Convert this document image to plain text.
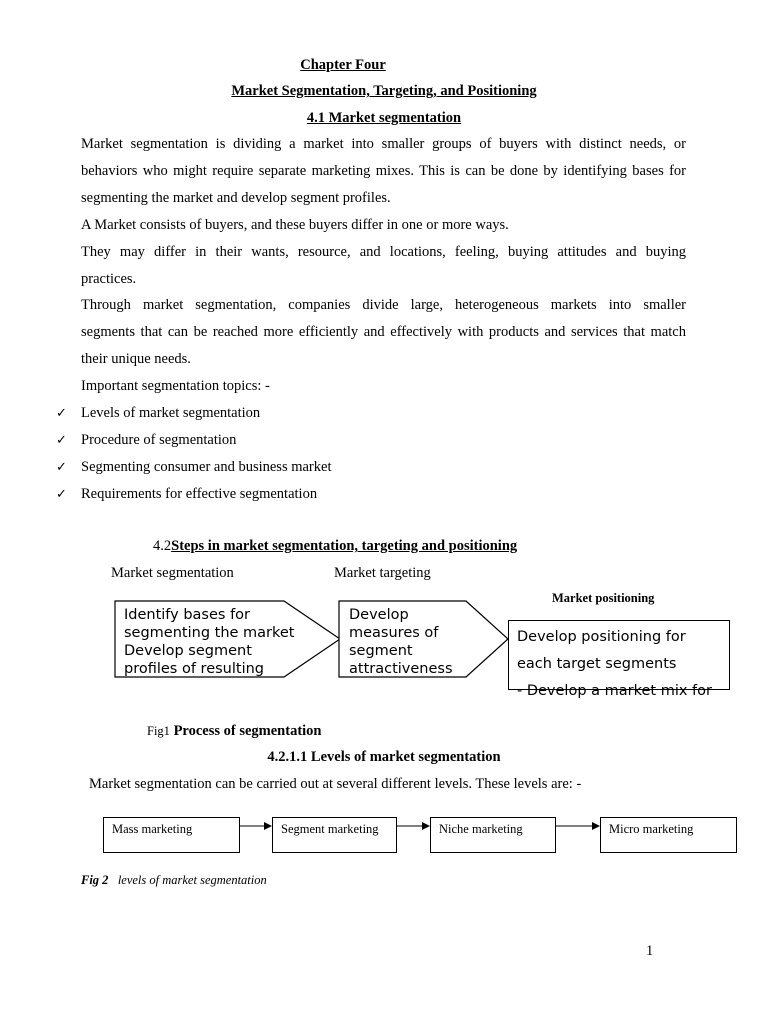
Chapter Four
Market Segmentation, Targeting, and Positioning
4.1 Market segmentation
Market segmentation is dividing a market into smaller groups of buyers with distinct needs, or
behaviors who might require separate marketing mixes. This is can be done by identifying bases for
segmenting the market and develop segment profiles.
A Market consists of buyers, and these buyers differ in one or more ways.
They may differ in their wants, resource, and locations, feeling, buying attitudes and buying
practices.
Through market segmentation, companies divide large, heterogeneous markets into smaller
segments that can be reached more efficiently and effectively with products and services that match
their unique needs.
Important segmentation topics: -
✓ Levels of market segmentation
✓ Procedure of segmentation
✓ Segmenting consumer and business market
✓ Requirements for effective segmentation
4.2Steps in market segmentation, targeting and positioning
Market segmentation	Market targeting
Market positioning
Identify bases for
segmenting the market
Develop segment
profiles of resulting
Develop
measures of
segment
attractiveness
Develop positioning for
each target segments
- Develop a market mix for
Fig1 Process of segmentation
4.2.1.1 Levels of market segmentation
Market segmentation can be carried out at several different levels. These levels are: -
Mass marketing	Segment marketing	Niche marketing	Micro marketing
Fig 2 levels of market segmentation
1
